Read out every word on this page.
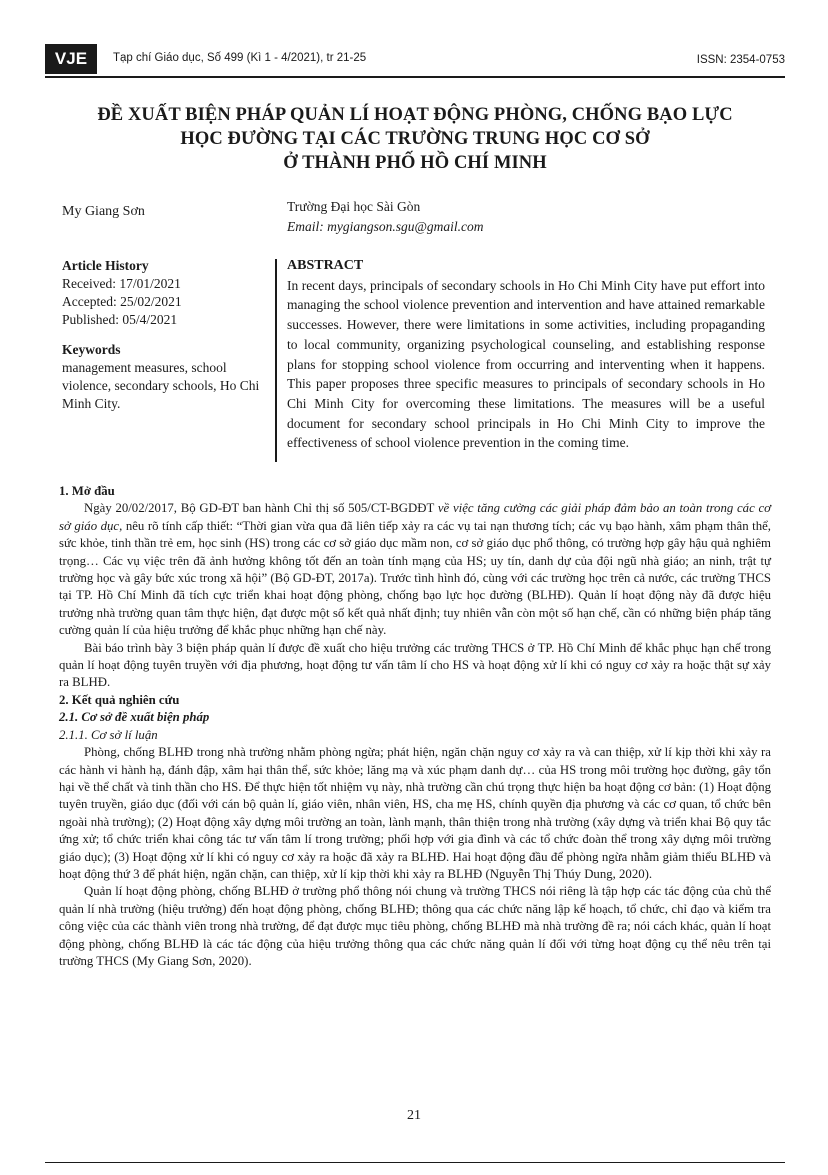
VJE	Tạp chí Giáo dục, Số 499 (Kì 1 - 4/2021), tr 21-25	ISSN: 2354-0753
ĐỀ XUẤT BIỆN PHÁP QUẢN LÍ HOẠT ĐỘNG PHÒNG, CHỐNG BẠO LỰC
HỌC ĐƯỜNG TẠI CÁC TRƯỜNG TRUNG HỌC CƠ SỞ
Ở THÀNH PHỐ HỒ CHÍ MINH
My Giang Sơn	Trường Đại học Sài Gòn
Email: mygiangson.sgu@gmail.com
Article History
Received: 17/01/2021
Accepted: 25/02/2021
Published: 05/4/2021
Keywords
management measures, school violence, secondary schools, Ho Chi Minh City.
ABSTRACT
In recent days, principals of secondary schools in Ho Chi Minh City have put effort into managing the school violence prevention and intervention and have attained remarkable successes. However, there were limitations in some activities, including propaganding to local community, organizing psychological counseling, and establishing response plans for stopping school violence from occurring and interventing when it happens. This paper proposes three specific measures to principals of secondary schools in Ho Chi Minh City for overcoming these limitations. The measures will be a useful document for secondary school principals in Ho Chi Minh City to improve the effectiveness of school violence prevention in the coming time.
1. Mở đầu

Ngày 20/02/2017, Bộ GD-ĐT ban hành Chỉ thị số 505/CT-BGDĐT về việc tăng cường các giải pháp đảm bảo an toàn trong các cơ sở giáo dục, nêu rõ tính cấp thiết: “Thời gian vừa qua đã liên tiếp xảy ra các vụ tai nạn thương tích; các vụ bạo hành, xâm phạm thân thể, sức khỏe, tinh thần trẻ em, học sinh (HS) trong các cơ sở giáo dục mầm non, cơ sở giáo dục phổ thông, có trường hợp gây hậu quả nghiêm trọng… Các vụ việc trên đã ảnh hưởng không tốt đến an toàn tính mạng của HS; uy tín, danh dự của đội ngũ nhà giáo; an ninh, trật tự trường học và gây bức xúc trong xã hội” (Bộ GD-ĐT, 2017a). Trước tình hình đó, cùng với các trường học trên cả nước, các trường THCS tại TP. Hồ Chí Minh đã tích cực triển khai hoạt động phòng, chống bạo lực học đường (BLHĐ). Quản lí hoạt động này đã được hiệu trưởng nhà trường quan tâm thực hiện, đạt được một số kết quả nhất định; tuy nhiên vẫn còn một số hạn chế, cần có những biện pháp tăng cường quản lí của hiệu trưởng để khắc phục những hạn chế này.

Bài báo trình bày 3 biện pháp quản lí được đề xuất cho hiệu trưởng các trường THCS ở TP. Hồ Chí Minh để khắc phục hạn chế trong quản lí hoạt động tuyên truyền với địa phương, hoạt động tư vấn tâm lí cho HS và hoạt động xử lí khi có nguy cơ xảy ra hoặc thật sự xảy ra BLHĐ.

2. Kết quả nghiên cứu
2.1. Cơ sở đề xuất biện pháp
2.1.1. Cơ sở lí luận

Phòng, chống BLHĐ trong nhà trường nhằm phòng ngừa; phát hiện, ngăn chặn nguy cơ xảy ra và can thiệp, xử lí kịp thời khi xảy ra các hành vi hành hạ, đánh đập, xâm hại thân thể, sức khỏe; lăng mạ và xúc phạm danh dự… của HS trong môi trường học đường, gây tổn hại về thể chất và tinh thần cho HS. Để thực hiện tốt nhiệm vụ này, nhà trường cần chú trọng thực hiện ba hoạt động cơ bản: (1) Hoạt động tuyên truyền, giáo dục (đối với cán bộ quản lí, giáo viên, nhân viên, HS, cha mẹ HS, chính quyền địa phương và các cơ quan, tổ chức bên ngoài nhà trường); (2) Hoạt động xây dựng môi trường an toàn, lành mạnh, thân thiện trong nhà trường (xây dựng và triển khai Bộ quy tắc ứng xử; tổ chức triển khai công tác tư vấn tâm lí trong trường; phối hợp với gia đình và các tổ chức đoàn thể trong xây dựng môi trường giáo dục); (3) Hoạt động xử lí khi có nguy cơ xảy ra hoặc đã xảy ra BLHĐ. Hai hoạt động đầu để phòng ngừa nhằm giảm thiểu BLHĐ và hoạt động thứ 3 để phát hiện, ngăn chặn, can thiệp, xử lí kịp thời khi xảy ra BLHĐ (Nguyễn Thị Thúy Dung, 2020).

Quản lí hoạt động phòng, chống BLHĐ ở trường phổ thông nói chung và trường THCS nói riêng là tập hợp các tác động của chủ thể quản lí nhà trường (hiệu trưởng) đến hoạt động phòng, chống BLHĐ; thông qua các chức năng lập kế hoạch, tổ chức, chỉ đạo và kiểm tra công việc của các thành viên trong nhà trường, để đạt được mục tiêu phòng, chống BLHĐ mà nhà trường đề ra; nói cách khác, quản lí hoạt động phòng, chống BLHĐ là các tác động của hiệu trưởng thông qua các chức năng quản lí đối với từng hoạt động cụ thể nêu trên tại trường THCS (My Giang Sơn, 2020).

21
